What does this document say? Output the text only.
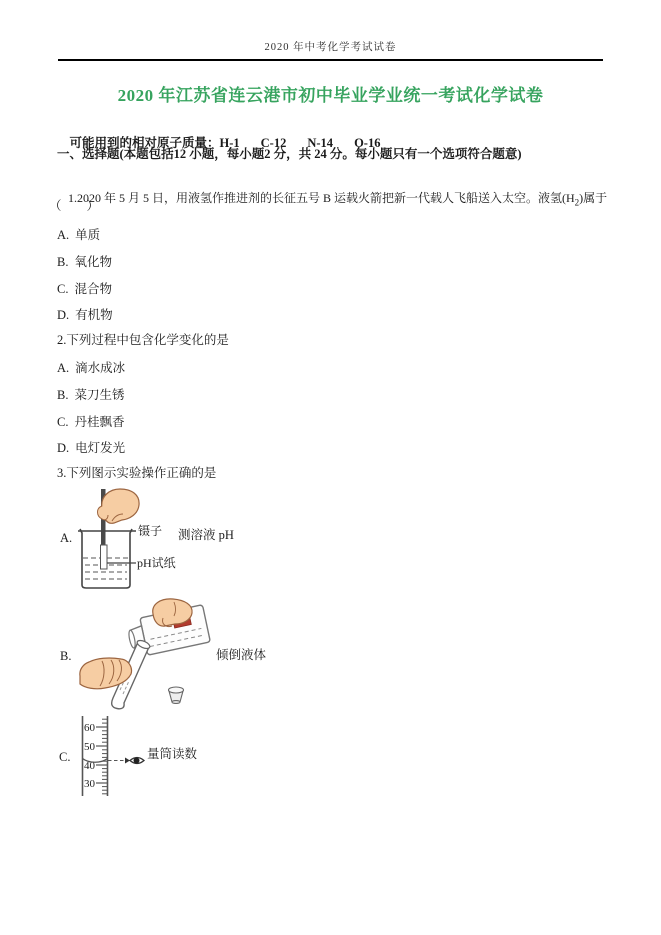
2020 年中考化学考试试卷
2020 年江苏省连云港市初中毕业学业统一考试化学试卷

可能用到的相对原子质量：H-1 C-12 N-14 O-16

一、选择题(本题包括12 小题，每小题2 分，共 24 分。每小题只有一个选项符合题意)

1.2020 年 5 月 5 日，用液氢作推进剂的长征五号 B 运载火箭把新一代载人飞船送入太空。液氢$(H_2)$属于

（　　）
A. 单质
B. 氧化物
C. 混合物
D. 有机物
2.下列过程中包含化学变化的是
A. 滴水成冰
B. 菜刀生锈
C. 丹桂飘香
D. 电灯发光
3.下列图示实验操作正确的是
A.	镊子 测溶液 pH
pH试纸
B.	倾倒液体
C.
60
50
40
30
量筒读数
